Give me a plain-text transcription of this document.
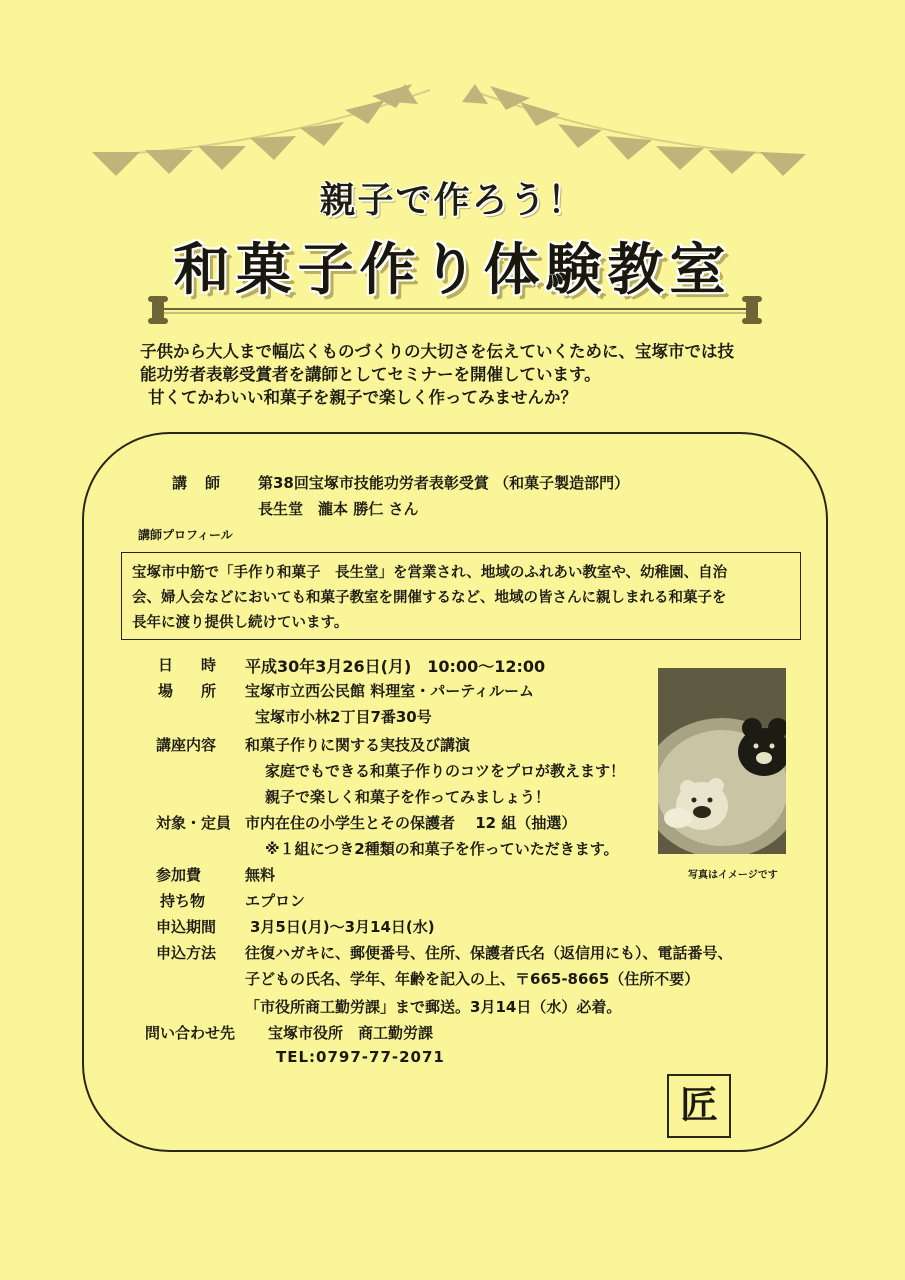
親子で作ろう！
和菓子作り体験教室

子供から大人まで幅広くものづくりの大切さを伝えていくために、宝塚市では技

能功労者表彰受賞者を講師としてセミナーを開催しています。

甘くてかわいい和菓子を親子で楽しく作ってみませんか？

講師 第38回宝塚市技能功労者表彰受賞 （和菓子製造部門）
長生堂　瀧本 勝仁 さん
講師プロフィール

宝塚市中筋で「手作り和菓子　長生堂」を営業され、地域のふれあい教室や、幼稚園、自治

会、婦人会などにおいても和菓子教室を開催するなど、地域の皆さんに親しまれる和菓子を

長年に渡り提供し続けています。

日時 平成30年3月26日(月)　10:00～12:00
場所 宝塚市立西公民館 料理室・パーティルーム
宝塚市小林2丁目7番30号
講座内容 和菓子作りに関する実技及び講演
家庭でもできる和菓子作りのコツをプロが教えます！
親子で楽しく和菓子を作ってみましょう！
対象・定員 市内在住の小学生とその保護者　 12 組（抽選）
※１組につき2種類の和菓子を作っていただきます。
参加費	無料
持ち物	エプロン
申込期間 3月5日(月)～3月14日(水)
申込方法 往復ハガキに、郵便番号、住所、保護者氏名（返信用にも）、電話番号、
子どもの氏名、学年、年齢を記入の上、〒665-8665（住所不要）
「市役所商工勤労課」まで郵送。3月14日（水）必着。
問い合わせ先 宝塚市役所　商工勤労課
TEL:0797-77-2071
写真はイメージです
匠
